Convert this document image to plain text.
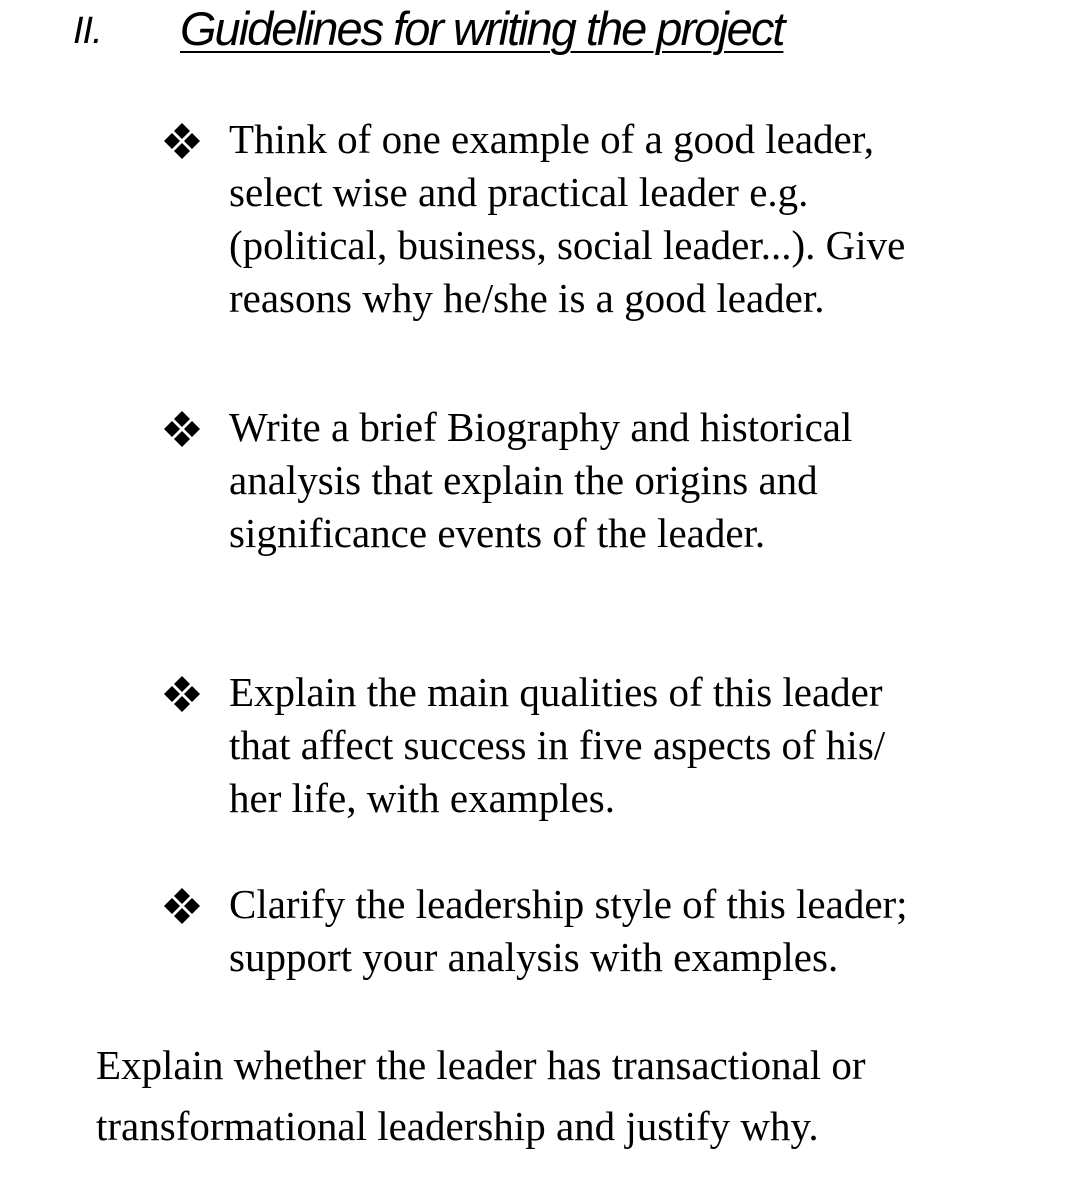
II. Guidelines for writing the project
Think of one example of a good leader,
select wise and practical leader e.g.
(political, business, social leader...). Give
reasons why he/she is a good leader.
Write a brief Biography and historical
analysis that explain the origins and
significance events of the leader.
Explain the main qualities of this leader
that affect success in five aspects of his/
her life, with examples.
Clarify the leadership style of this leader;
support your analysis with examples.
Explain whether the leader has transactional or
transformational leadership and justify why.
